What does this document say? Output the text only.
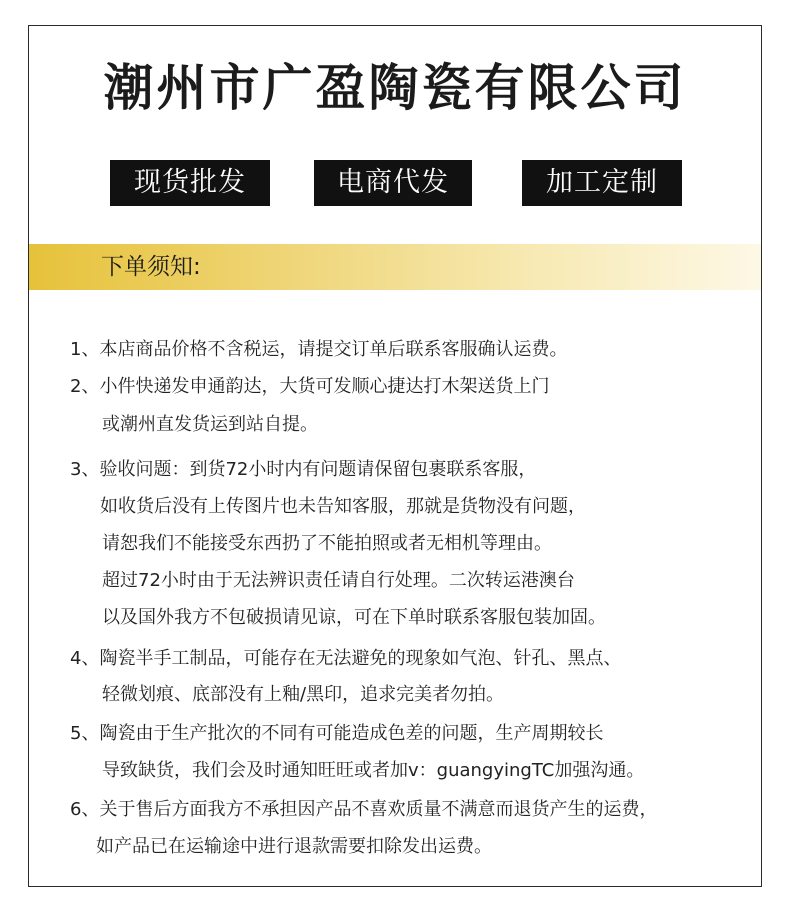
潮州市广盈陶瓷有限公司
现货批发	电商代发	加工定制
下单须知:
1、本店商品价格不含税运，请提交订单后联系客服确认运费。
2、小件快递发申通韵达，大货可发顺心捷达打木架送货上门
或潮州直发货运到站自提。
3、验收问题：到货72小时内有问题请保留包裹联系客服，
如收货后没有上传图片也未告知客服，那就是货物没有问题，
请恕我们不能接受东西扔了不能拍照或者无相机等理由。
超过72小时由于无法辨识责任请自行处理。二次转运港澳台
以及国外我方不包破损请见谅，可在下单时联系客服包装加固。
4、陶瓷半手工制品，可能存在无法避免的现象如气泡、针孔、黑点、
轻微划痕、底部没有上釉/黑印，追求完美者勿拍。
5、陶瓷由于生产批次的不同有可能造成色差的问题，生产周期较长
导致缺货，我们会及时通知旺旺或者加v：guangyingTC加强沟通。
6、关于售后方面我方不承担因产品不喜欢质量不满意而退货产生的运费，
如产品已在运输途中进行退款需要扣除发出运费。
